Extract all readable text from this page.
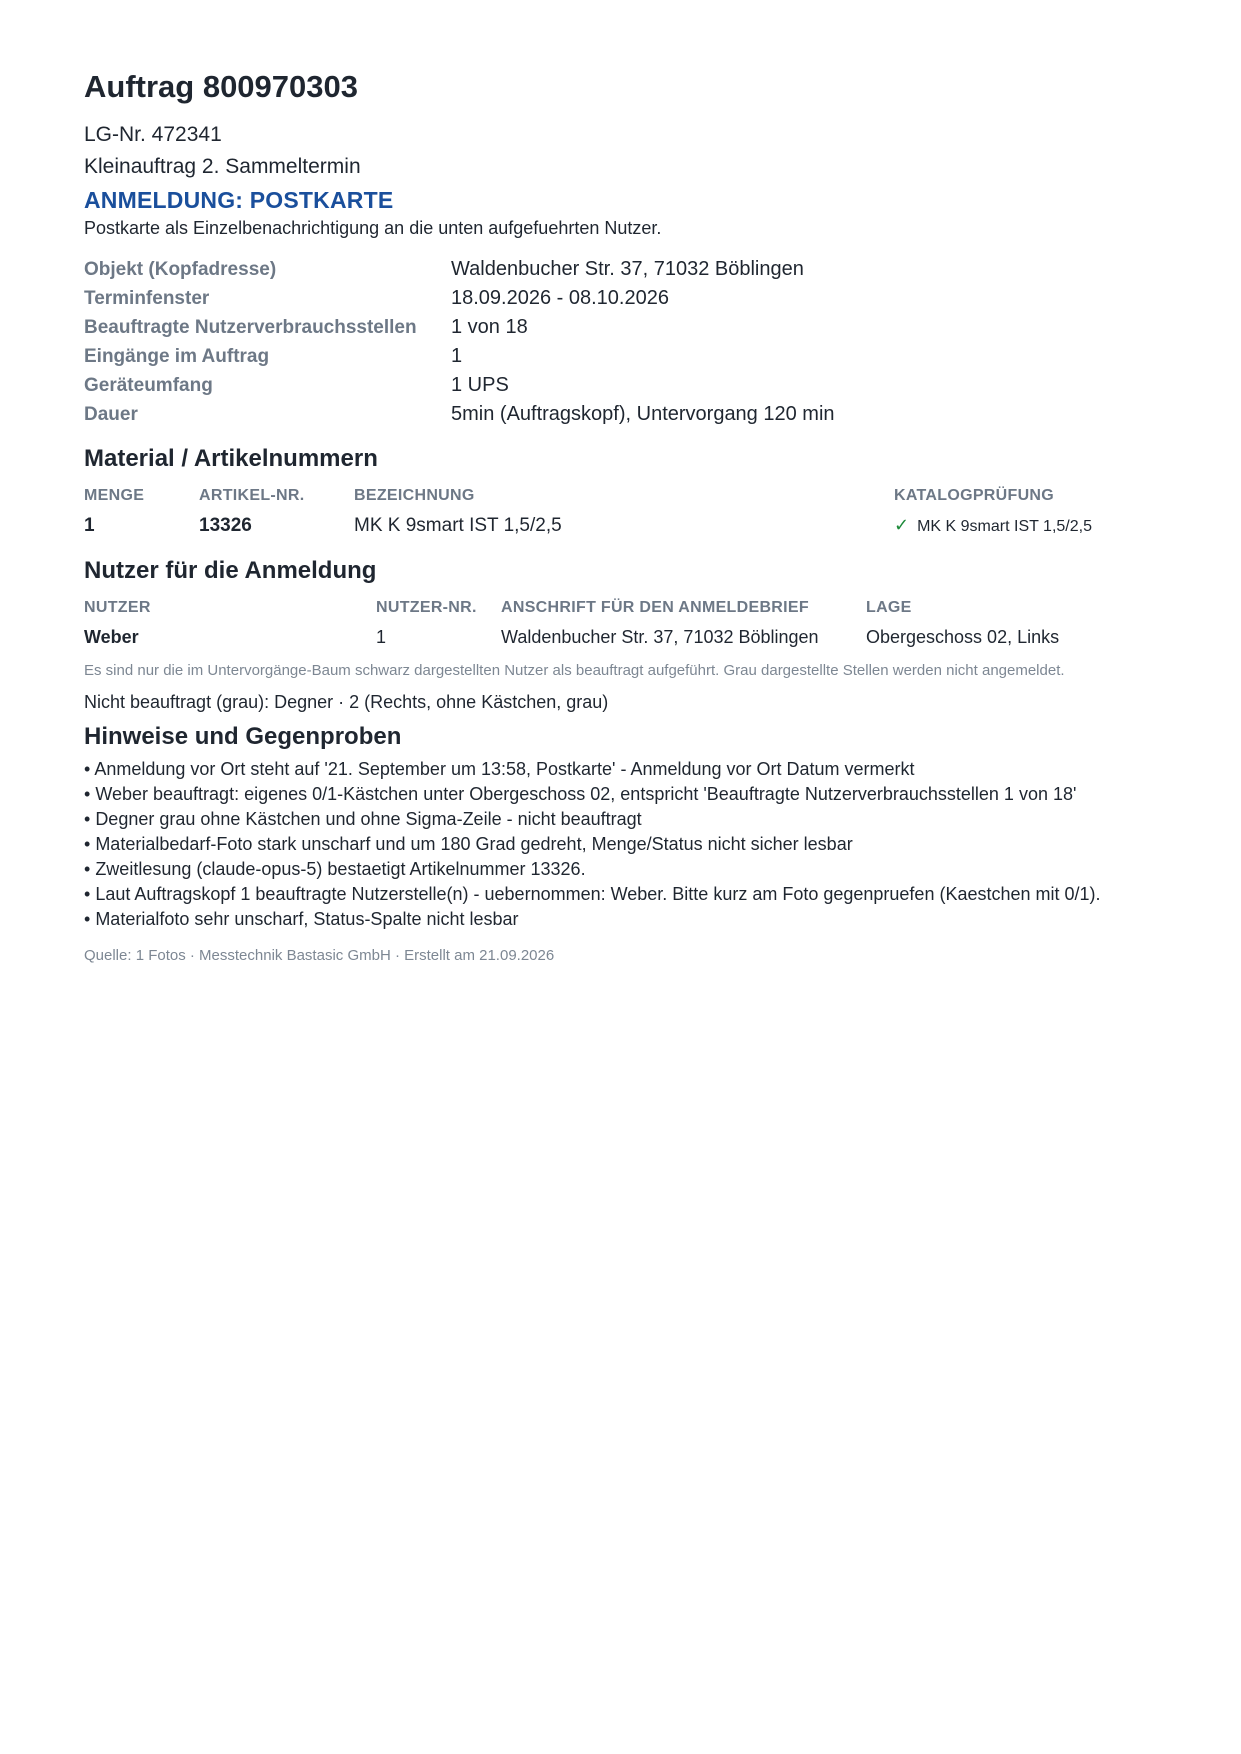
Auftrag 800970303

LG-Nr. 472341

Kleinauftrag 2. Sammeltermin

ANMELDUNG: POSTKARTE

Postkarte als Einzelbenachrichtigung an die unten aufgefuehrten Nutzer.

Objekt (Kopfadresse)	Waldenbucher Str. 37, 71032 Böblingen
Terminfenster	18.09.2026 - 08.10.2026
Beauftragte Nutzerverbrauchsstellen	1 von 18
Eingänge im Auftrag	1
Geräteumfang	1 UPS
Dauer	5min (Auftragskopf), Untervorgang 120 min
Material / Artikelnummern
MENGE	ARTIKEL-NR.	BEZEICHNUNG	KATALOGPRÜFUNG
1	13326	MK K 9smart IST 1,5/2,5	✓ MK K 9smart IST 1,5/2,5
Nutzer für die Anmeldung
NUTZER	NUTZER-NR.	ANSCHRIFT FÜR DEN ANMELDEBRIEF	LAGE
Weber	1	Waldenbucher Str. 37, 71032 Böblingen	Obergeschoss 02, Links

Es sind nur die im Untervorgänge-Baum schwarz dargestellten Nutzer als beauftragt aufgeführt. Grau dargestellte Stellen werden nicht angemeldet.

Nicht beauftragt (grau): Degner · 2 (Rechts, ohne Kästchen, grau)

Hinweise und Gegenproben
• Anmeldung vor Ort steht auf '21. September um 13:58, Postkarte' - Anmeldung vor Ort Datum vermerkt
• Weber beauftragt: eigenes 0/1-Kästchen unter Obergeschoss 02, entspricht 'Beauftragte Nutzerverbrauchsstellen 1 von 18'
• Degner grau ohne Kästchen und ohne Sigma-Zeile - nicht beauftragt
• Materialbedarf-Foto stark unscharf und um 180 Grad gedreht, Menge/Status nicht sicher lesbar
• Zweitlesung (claude-opus-5) bestaetigt Artikelnummer 13326.
• Laut Auftragskopf 1 beauftragte Nutzerstelle(n) - uebernommen: Weber. Bitte kurz am Foto gegenpruefen (Kaestchen mit 0/1).
• Materialfoto sehr unscharf, Status-Spalte nicht lesbar
Quelle: 1 Fotos · Messtechnik Bastasic GmbH · Erstellt am 21.09.2026
